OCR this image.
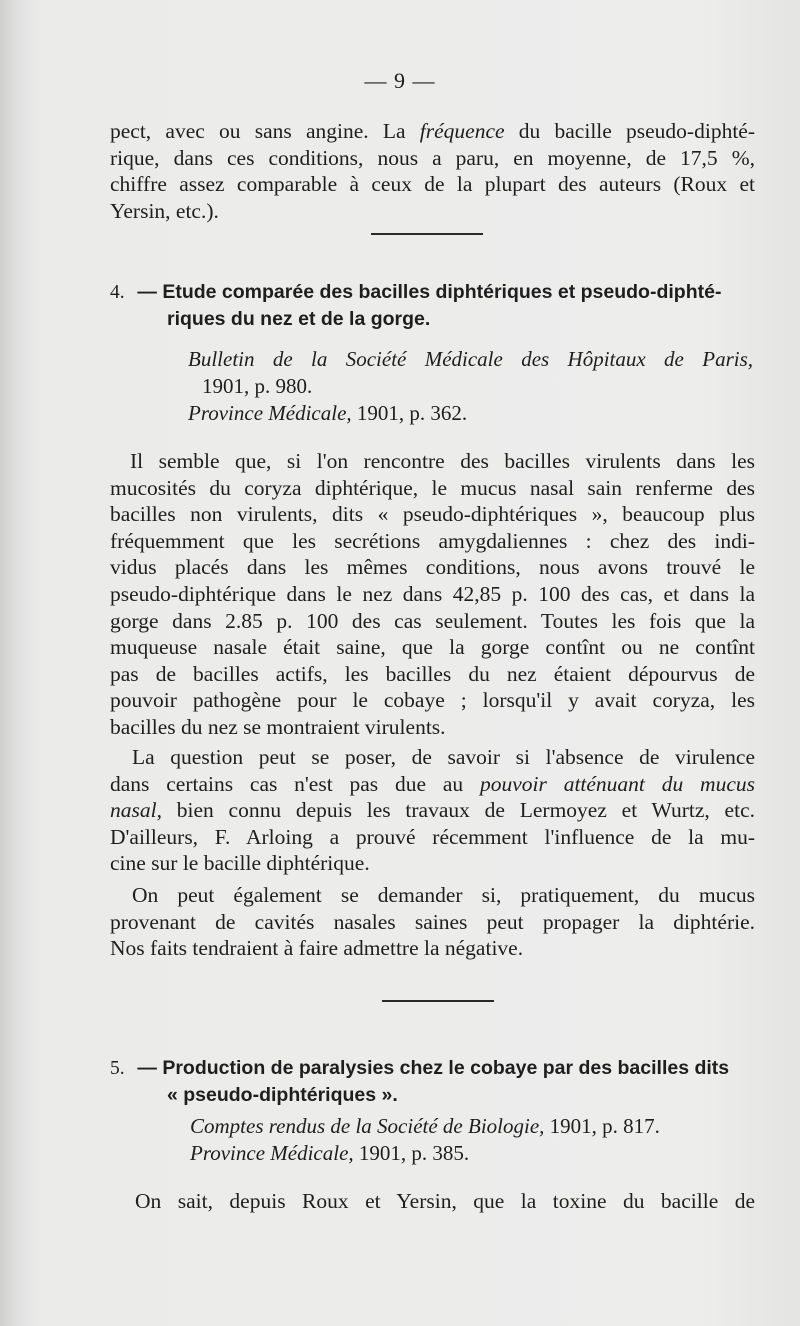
— 9 —
pect, avec ou sans angine. La fréquence du bacille pseudo-diphté-
rique, dans ces conditions, nous a paru, en moyenne, de 17,5 %,
chiffre assez comparable à ceux de la plupart des auteurs (Roux et
Yersin, etc.).
4. — Etude comparée des bacilles diphtériques et pseudo-diphté-
riques du nez et de la gorge.
Bulletin de la Société Médicale des Hôpitaux de Paris,
1901, p. 980.
Province Médicale, 1901, p. 362.
Il semble que, si l'on rencontre des bacilles virulents dans les
mucosités du coryza diphtérique, le mucus nasal sain renferme des
bacilles non virulents, dits « pseudo-diphtériques », beaucoup plus
fréquemment que les secrétions amygdaliennes : chez des indi-
vidus placés dans les mêmes conditions, nous avons trouvé le
pseudo-diphtérique dans le nez dans 42,85 p. 100 des cas, et dans la
gorge dans 2.85 p. 100 des cas seulement. Toutes les fois que la
muqueuse nasale était saine, que la gorge contînt ou ne contînt
pas de bacilles actifs, les bacilles du nez étaient dépourvus de
pouvoir pathogène pour le cobaye ; lorsqu'il y avait coryza, les
bacilles du nez se montraient virulents.
La question peut se poser, de savoir si l'absence de virulence
dans certains cas n'est pas due au pouvoir atténuant du mucus
nasal, bien connu depuis les travaux de Lermoyez et Wurtz, etc.
D'ailleurs, F. Arloing a prouvé récemment l'influence de la mu-
cine sur le bacille diphtérique.
On peut également se demander si, pratiquement, du mucus
provenant de cavités nasales saines peut propager la diphtérie.
Nos faits tendraient à faire admettre la négative.
5. — Production de paralysies chez le cobaye par des bacilles dits
« pseudo-diphtériques ».
Comptes rendus de la Société de Biologie, 1901, p. 817.
Province Médicale, 1901, p. 385.
On sait, depuis Roux et Yersin, que la toxine du bacille de
